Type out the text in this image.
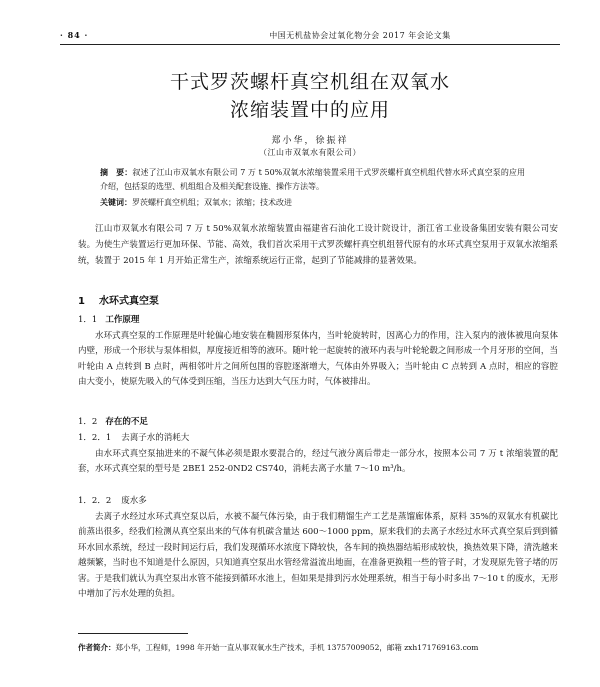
· 84 ·	中国无机盐协会过氧化物分会 2017 年会论文集
干式罗茨螺杆真空机组在双氧水
浓缩装置中的应用
郑小华，徐振祥
（江山市双氧水有限公司）
摘　要：叙述了江山市双氧水有限公司 7 万 t 50%双氧水浓缩装置采用干式罗茨螺杆真空机组代替水环式真空泵的应用介绍，包括泵的选型、机组组合及相关配套设施、操作方法等。
关键词：罗茨螺杆真空机组；双氧水；浓缩；技术改进
江山市双氧水有限公司 7 万 t 50%双氧水浓缩装置由福建省石油化工设计院设计，浙江省工业设备集团安装有限公司安装。为使生产装置运行更加环保、节能、高效，我们首次采用干式罗茨螺杆真空机组替代原有的水环式真空泵用于双氧水浓缩系统，装置于 2015 年 1 月开始正常生产，浓缩系统运行正常，起到了节能减排的显著效果。
1 水环式真空泵
1．1 工作原理
水环式真空泵的工作原理是叶轮偏心地安装在椭圆形泵体内，当叶轮旋转时，因离心力的作用，注入泵内的液体被甩向泵体内壁，形成一个形状与泵体相似，厚度接近相等的液环。随叶轮一起旋转的液环内表与叶轮轮毂之间形成一个月牙形的空间，当叶轮由 A 点转到 B 点时，两相邻叶片之间所包围的容腔逐渐增大，气体由外界吸入；当叶轮由 C 点转到 A 点时，相应的容腔由大变小，使原先吸入的气体受到压缩，当压力达到大气压力时，气体被排出。
1．2 存在的不足
1．2．1 去离子水的消耗大
由水环式真空泵抽进来的不凝气体必须是跟水要混合的，经过气液分离后带走一部分水，按照本公司 7 万 t 浓缩装置的配套，水环式真空泵的型号是 2BE1 252-0ND2 CS740，消耗去离子水量 7～10 m³/h。
1．2．2 废水多
去离子水经过水环式真空泵以后，水被不凝气体污染，由于我们精馏生产工艺是蒸馏廊体系，原料 35%的双氧水有机碳比前蒸出很多，经我们检测从真空泵出来的气体有机碳含量达 600～1000 ppm，原来我们的去离子水经过水环式真空泵后到到循环水回水系统，经过一段时间运行后，我们发现循环水浓度下降较快，各车间的换热器结垢形成较快，换热效果下降，清洗越来越频繁，当时也不知道是什么原因，只知道真空泵出水管经常溢流出地面，在准备更换粗一些的管子时，才发现原先管子堵的厉害。于是我们就认为真空泵出水管不能接到循环水池上，但如果是排到污水处理系统，相当于每小时多出 7～10 t 的废水，无形中增加了污水处理的负担。
作者简介：郑小华，工程师，1998 年开始一直从事双氧水生产技术，手机 13757009052，邮箱 zxh171769163.com
